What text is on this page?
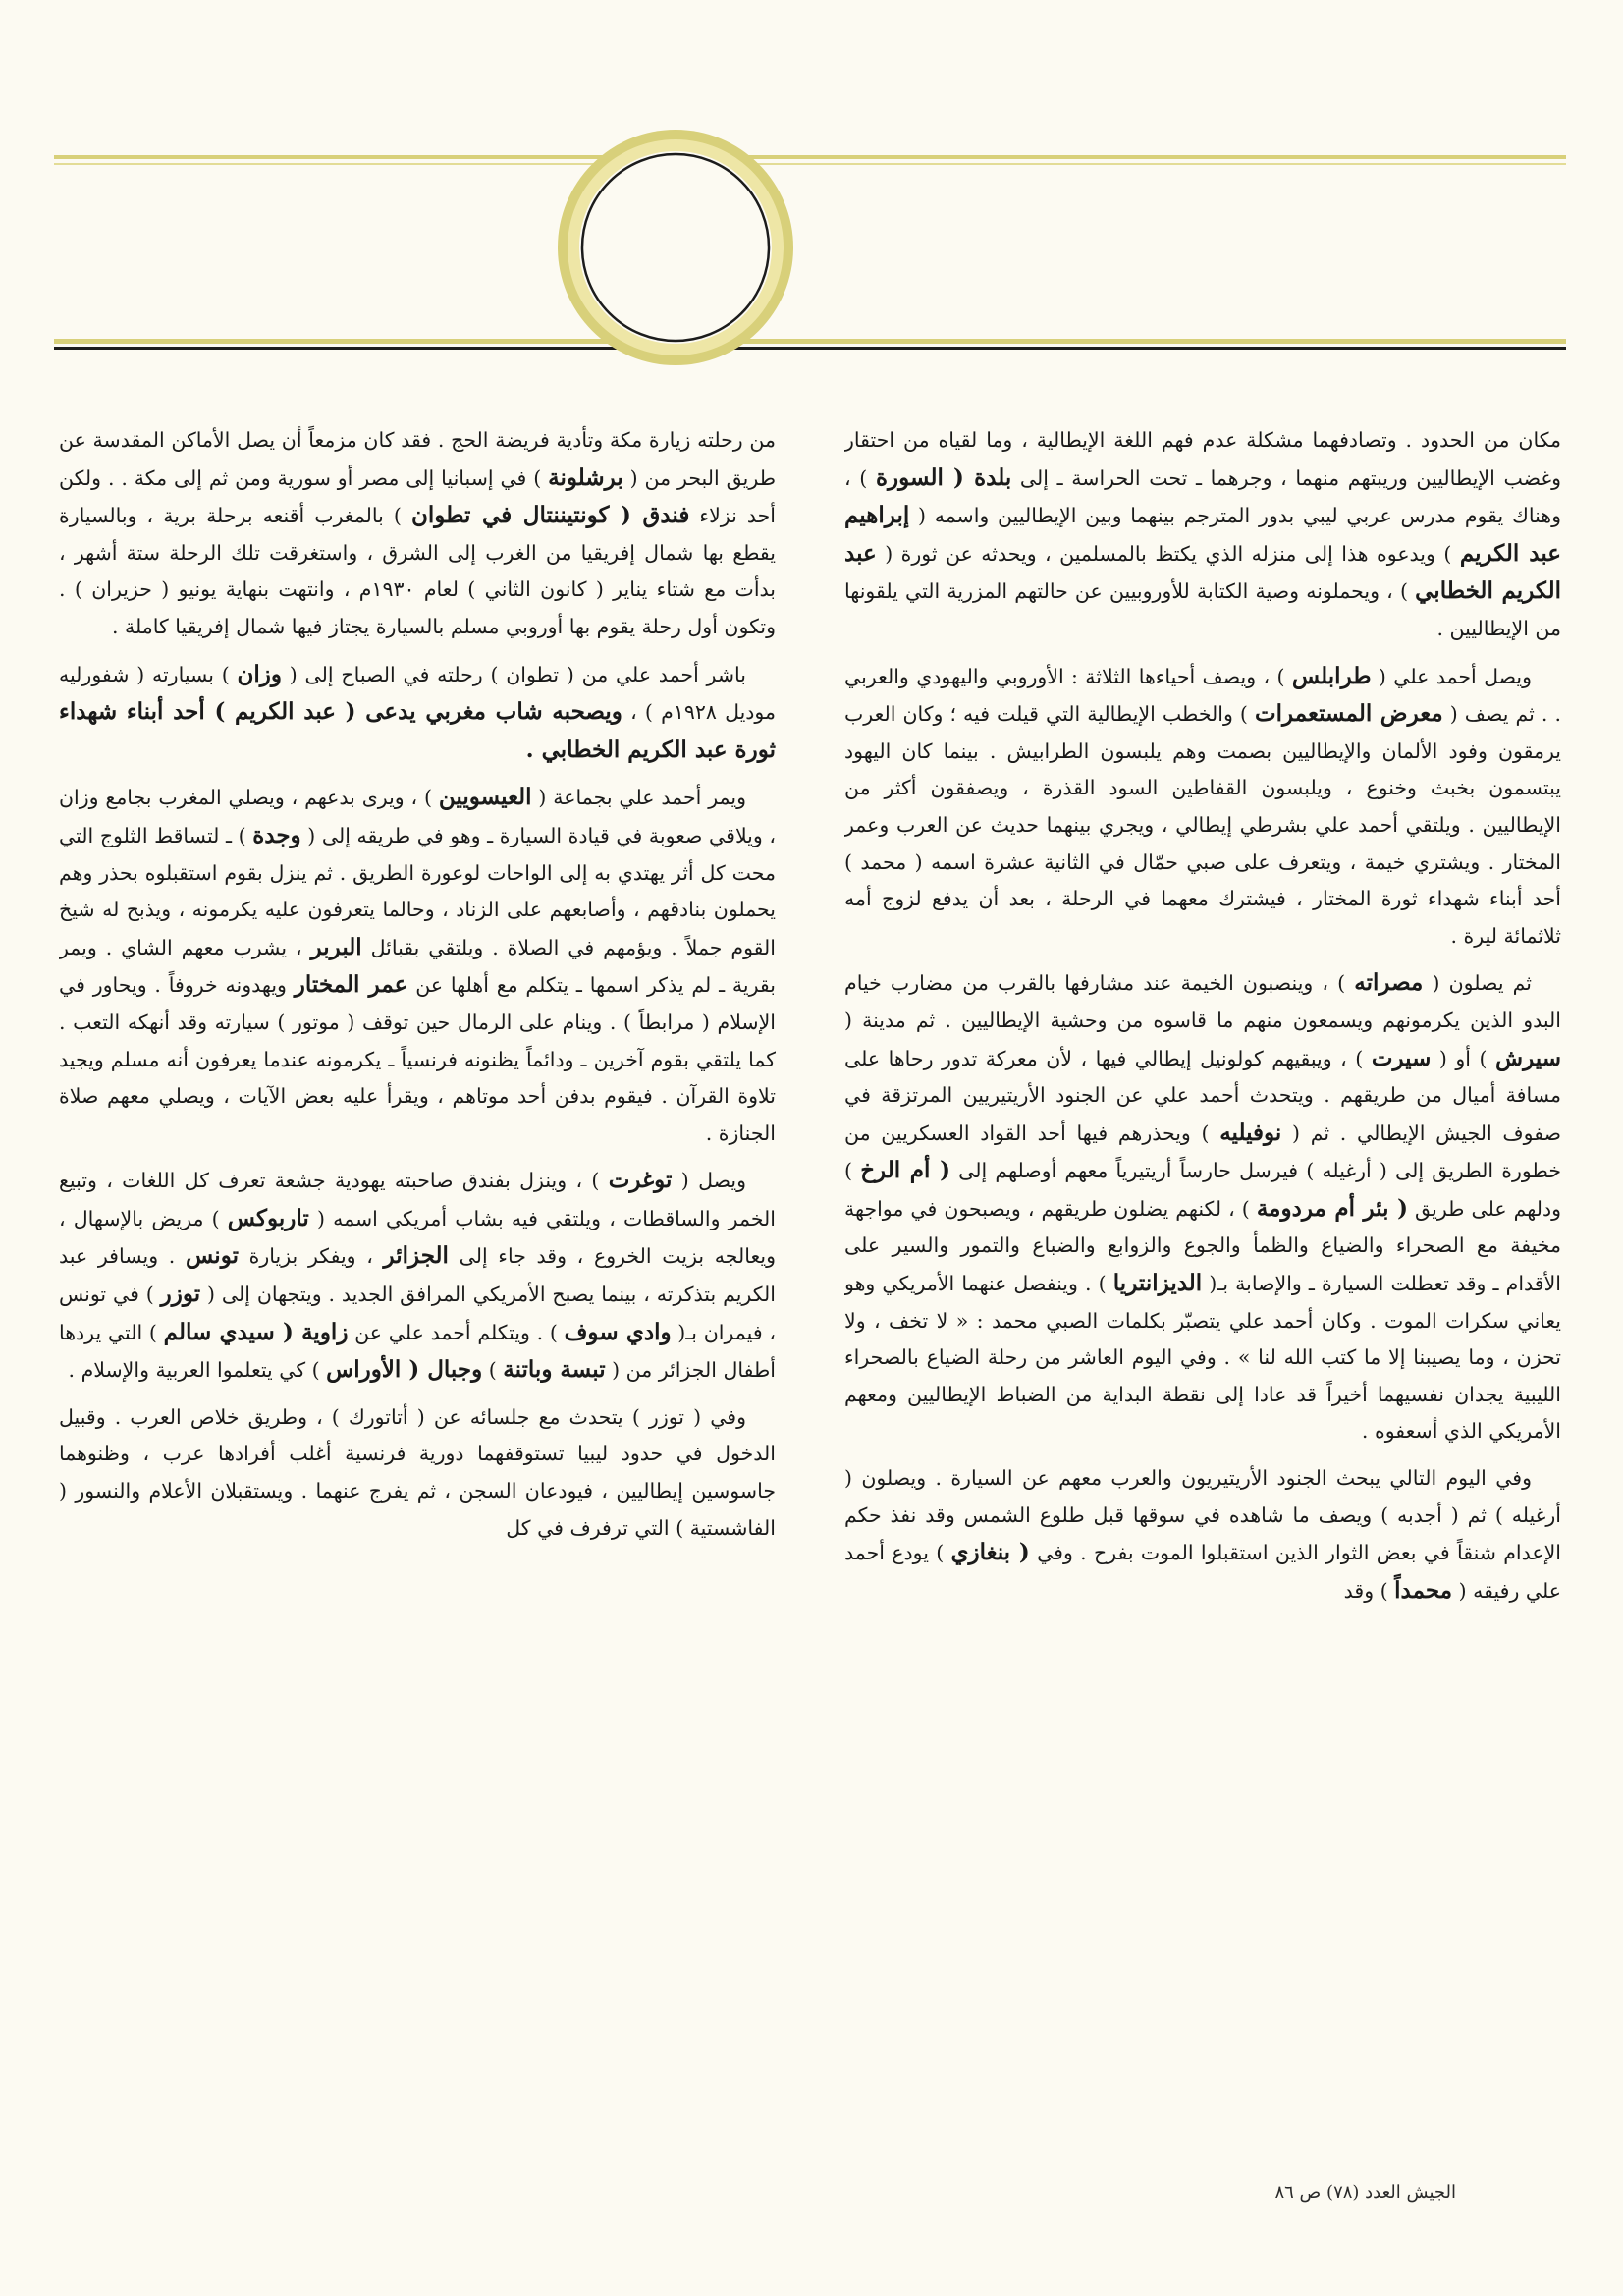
مكان من الحدود . وتصادفهما مشكلة عدم فهم اللغة الإيطالية ، وما لقياه من احتقار وغضب الإيطاليين وريبتهم منهما ، وجرهما ـ تحت الحراسة ـ إلى بلدة ( السورة ) ، وهناك يقوم مدرس عربي ليبي بدور المترجم بينهما وبين الإيطاليين واسمه ( إبراهيم عبد الكريم ) ويدعوه هذا إلى منزله الذي يكتظ بالمسلمين ، ويحدثه عن ثورة ( عبد الكريم الخطابي ) ، ويحملونه وصية الكتابة للأوروبيين عن حالتهم المزرية التي يلقونها من الإيطاليين .

ويصل أحمد علي ( طرابلس ) ، ويصف أحياءها الثلاثة : الأوروبي واليهودي والعربي . . ثم يصف ( معرض المستعمرات ) والخطب الإيطالية التي قيلت فيه ؛ وكان العرب يرمقون وفود الألمان والإيطاليين بصمت وهم يلبسون الطرابيش . بينما كان اليهود يبتسمون بخبث وخنوع ، ويلبسون القفاطين السود القذرة ، ويصفقون أكثر من الإيطاليين . ويلتقي أحمد علي بشرطي إيطالي ، ويجري بينهما حديث عن العرب وعمر المختار . ويشتري خيمة ، ويتعرف على صبي حمّال في الثانية عشرة اسمه ( محمد ) أحد أبناء شهداء ثورة المختار ، فيشترك معهما في الرحلة ، بعد أن يدفع لزوج أمه ثلاثمائة ليرة .

ثم يصلون ( مصراته ) ، وينصبون الخيمة عند مشارفها بالقرب من مضارب خيام البدو الذين يكرمونهم ويسمعون منهم ما قاسوه من وحشية الإيطاليين . ثم مدينة ( سيرش ) أو ( سيرت ) ، ويبقيهم كولونيل إيطالي فيها ، لأن معركة تدور رحاها على مسافة أميال من طريقهم . ويتحدث أحمد علي عن الجنود الأريتيريين المرتزقة في صفوف الجيش الإيطالي . ثم ( نوفيليه ) ويحذرهم فيها أحد القواد العسكريين من خطورة الطريق إلى ( أرغيله ) فيرسل حارساً أريتيرياً معهم أوصلهم إلى ( أم الرخ ) ودلهم على طريق ( بئر أم مردومة ) ، لكنهم يضلون طريقهم ، ويصبحون في مواجهة مخيفة مع الصحراء والضياع والظمأ والجوع والزوابع والضباع والتمور والسير على الأقدام ـ وقد تعطلت السيارة ـ والإصابة بـ( الديزانتريا ) . وينفصل عنهما الأمريكي وهو يعاني سكرات الموت . وكان أحمد علي يتصبّر بكلمات الصبي محمد : « لا تخف ، ولا تحزن ، وما يصيبنا إلا ما كتب الله لنا » . وفي اليوم العاشر من رحلة الضياع بالصحراء الليبية يجدان نفسيهما أخيراً قد عادا إلى نقطة البداية من الضباط الإيطاليين ومعهم الأمريكي الذي أسعفوه .

وفي اليوم التالي يبحث الجنود الأريتيريون والعرب معهم عن السيارة . ويصلون ( أرغيله ) ثم ( أجدبه ) ويصف ما شاهده في سوقها قبل طلوع الشمس وقد نفذ حكم الإعدام شنقاً في بعض الثوار الذين استقبلوا الموت بفرح . وفي ( بنغازي ) يودع أحمد علي رفيقه ( محمداً ) وقد

من رحلته زيارة مكة وتأدية فريضة الحج . فقد كان مزمعاً أن يصل الأماكن المقدسة عن طريق البحر من ( برشلونة ) في إسبانيا إلى مصر أو سورية ومن ثم إلى مكة . . ولكن أحد نزلاء فندق ( كونتيننتال في تطوان ) بالمغرب أقنعه برحلة برية ، وبالسيارة يقطع بها شمال إفريقيا من الغرب إلى الشرق ، واستغرقت تلك الرحلة ستة أشهر ، بدأت مع شتاء يناير ( كانون الثاني ) لعام ١٩٣٠م ، وانتهت بنهاية يونيو ( حزيران ) . وتكون أول رحلة يقوم بها أوروبي مسلم بالسيارة يجتاز فيها شمال إفريقيا كاملة .

باشر أحمد علي من ( تطوان ) رحلته في الصباح إلى ( وزان ) بسيارته ( شفورليه موديل ١٩٢٨م ) ، ويصحبه شاب مغربي يدعى ( عبد الكريم ) أحد أبناء شهداء ثورة عبد الكريم الخطابي .

ويمر أحمد علي بجماعة ( العيسويين ) ، ويرى بدعهم ، ويصلي المغرب بجامع وزان ، ويلاقي صعوبة في قيادة السيارة ـ وهو في طريقه إلى ( وجدة ) ـ لتساقط الثلوج التي محت كل أثر يهتدي به إلى الواحات لوعورة الطريق . ثم ينزل بقوم استقبلوه بحذر وهم يحملون بنادقهم ، وأصابعهم على الزناد ، وحالما يتعرفون عليه يكرمونه ، ويذبح له شيخ القوم جملاً . ويؤمهم في الصلاة . ويلتقي بقبائل البربر ، يشرب معهم الشاي . ويمر بقرية ـ لم يذكر اسمها ـ يتكلم مع أهلها عن عمر المختار ويهدونه خروفاً . ويحاور في الإسلام ( مرابطاً ) . وينام على الرمال حين توقف ( موتور ) سيارته وقد أنهكه التعب . كما يلتقي بقوم آخرين ـ ودائماً يظنونه فرنسياً ـ يكرمونه عندما يعرفون أنه مسلم ويجيد تلاوة القرآن . فيقوم بدفن أحد موتاهم ، ويقرأ عليه بعض الآيات ، ويصلي معهم صلاة الجنازة .

ويصل ( توغرت ) ، وينزل بفندق صاحبته يهودية جشعة تعرف كل اللغات ، وتبيع الخمر والساقطات ، ويلتقي فيه بشاب أمريكي اسمه ( تاربوكس ) مريض بالإسهال ، ويعالجه بزيت الخروع ، وقد جاء إلى الجزائر ، ويفكر بزيارة تونس . ويسافر عبد الكريم بتذكرته ، بينما يصبح الأمريكي المرافق الجديد . ويتجهان إلى ( توزر ) في تونس ، فيمران بـ( وادي سوف ) . ويتكلم أحمد علي عن زاوية ( سيدي سالم ) التي يردها أطفال الجزائر من ( تبسة وباتنة ) وجبال ( الأوراس ) كي يتعلموا العربية والإسلام .

وفي ( توزر ) يتحدث مع جلسائه عن ( أتاتورك ) ، وطريق خلاص العرب . وقبيل الدخول في حدود ليبيا تستوقفهما دورية فرنسية أغلب أفرادها عرب ، وظنوهما جاسوسين إيطاليين ، فيودعان السجن ، ثم يفرج عنهما . ويستقبلان الأعلام والنسور ( الفاشستية ) التي ترفرف في كل

الجيش العدد (٧٨) ص ٨٦
